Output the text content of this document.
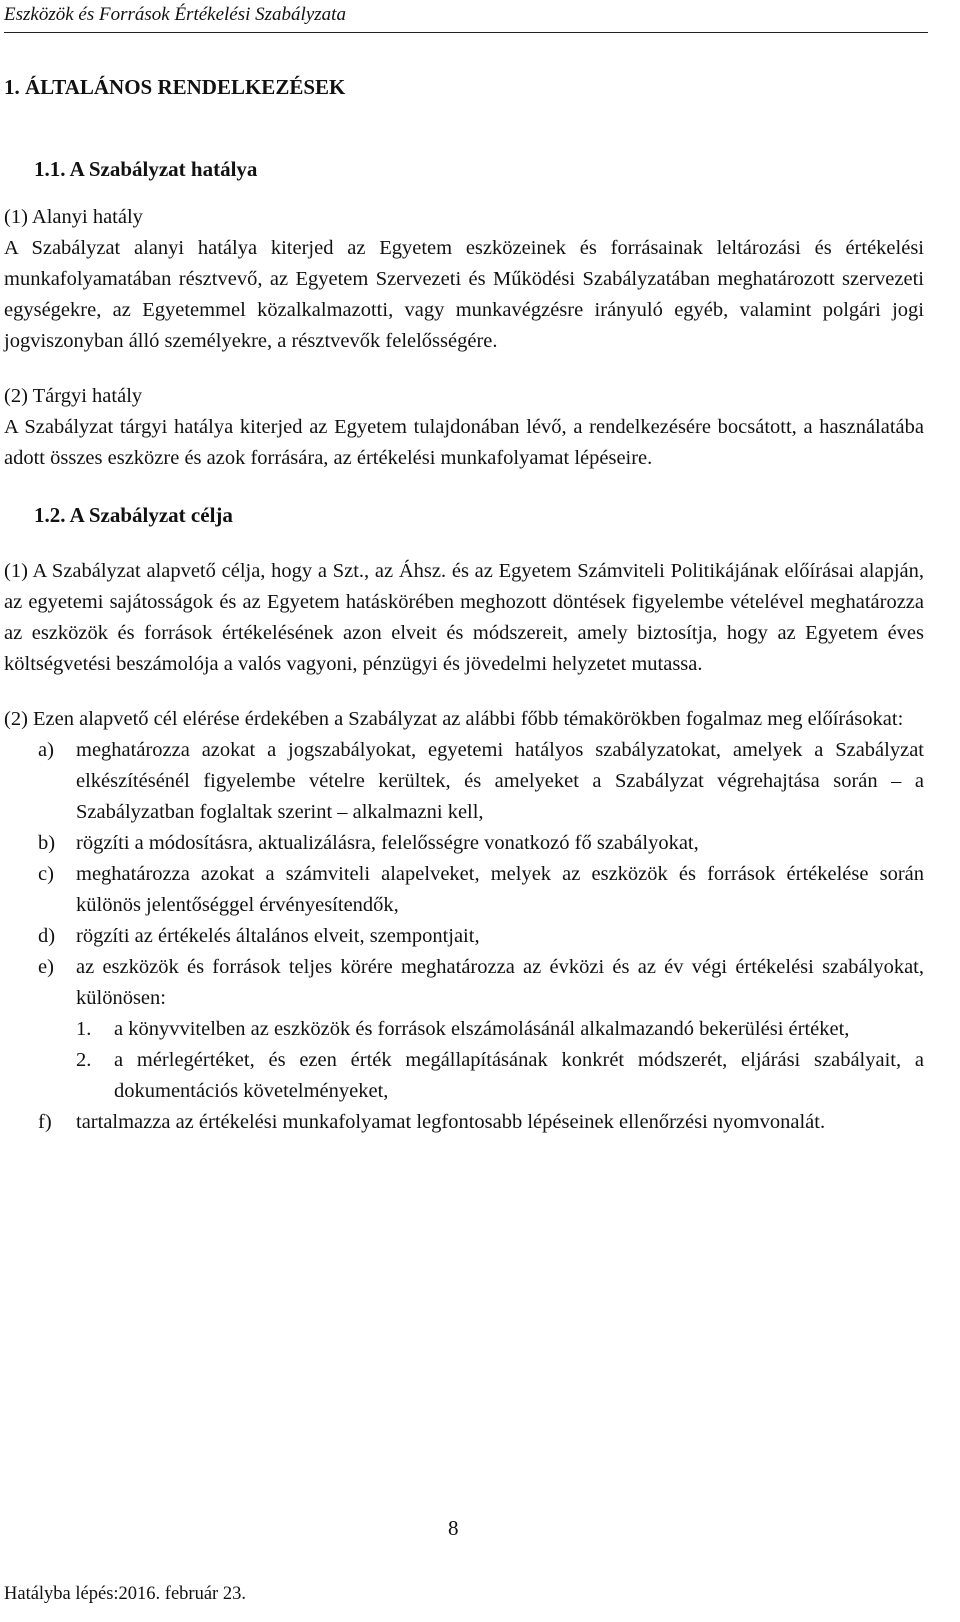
Eszközök és Források Értékelési Szabályzata
1. ÁLTALÁNOS RENDELKEZÉSEK
1.1. A Szabályzat hatálya

(1) Alanyi hatály

A Szabályzat alanyi hatálya kiterjed az Egyetem eszközeinek és forrásainak leltározási és értékelési munkafolyamatában résztvevő, az Egyetem Szervezeti és Működési Szabályzatában meghatározott szervezeti egységekre, az Egyetemmel közalkalmazotti, vagy munkavégzésre irányuló egyéb, valamint polgári jogi jogviszonyban álló személyekre, a résztvevők felelősségére.

(2) Tárgyi hatály

A Szabályzat tárgyi hatálya kiterjed az Egyetem tulajdonában lévő, a rendelkezésére bocsátott, a használatába adott összes eszközre és azok forrására, az értékelési munkafolyamat lépéseire.

1.2. A Szabályzat célja

(1) A Szabályzat alapvető célja, hogy a Szt., az Áhsz. és az Egyetem Számviteli Politikájának előírásai alapján, az egyetemi sajátosságok és az Egyetem hatáskörében meghozott döntések figyelembe vételével meghatározza az eszközök és források értékelésének azon elveit és módszereit, amely biztosítja, hogy az Egyetem éves költségvetési beszámolója a valós vagyoni, pénzügyi és jövedelmi helyzetet mutassa.

(2) Ezen alapvető cél elérése érdekében a Szabályzat az alábbi főbb témakörökben fogalmaz meg előírásokat:

a)	meghatározza azokat a jogszabályokat, egyetemi hatályos szabályzatokat, amelyek a Szabályzat elkészítésénél figyelembe vételre kerültek, és amelyeket a Szabályzat végrehajtása során – a Szabályzatban foglaltak szerint – alkalmazni kell,
b)	rögzíti a módosításra, aktualizálásra, felelősségre vonatkozó fő szabályokat,
c)	meghatározza azokat a számviteli alapelveket, melyek az eszközök és források értékelése során különös jelentőséggel érvényesítendők,
d)	rögzíti az értékelés általános elveit, szempontjait,
e)	az eszközök és források teljes körére meghatározza az évközi és az év végi értékelési szabályokat, különösen:
1.	a könyvvitelben az eszközök és források elszámolásánál alkalmazandó bekerülési értéket,
2.	a mérlegértéket, és ezen érték megállapításának konkrét módszerét, eljárási szabályait, a dokumentációs követelményeket,
f)	tartalmazza az értékelési munkafolyamat legfontosabb lépéseinek ellenőrzési nyomvonalát.
8
Hatályba lépés:2016. február 23.
